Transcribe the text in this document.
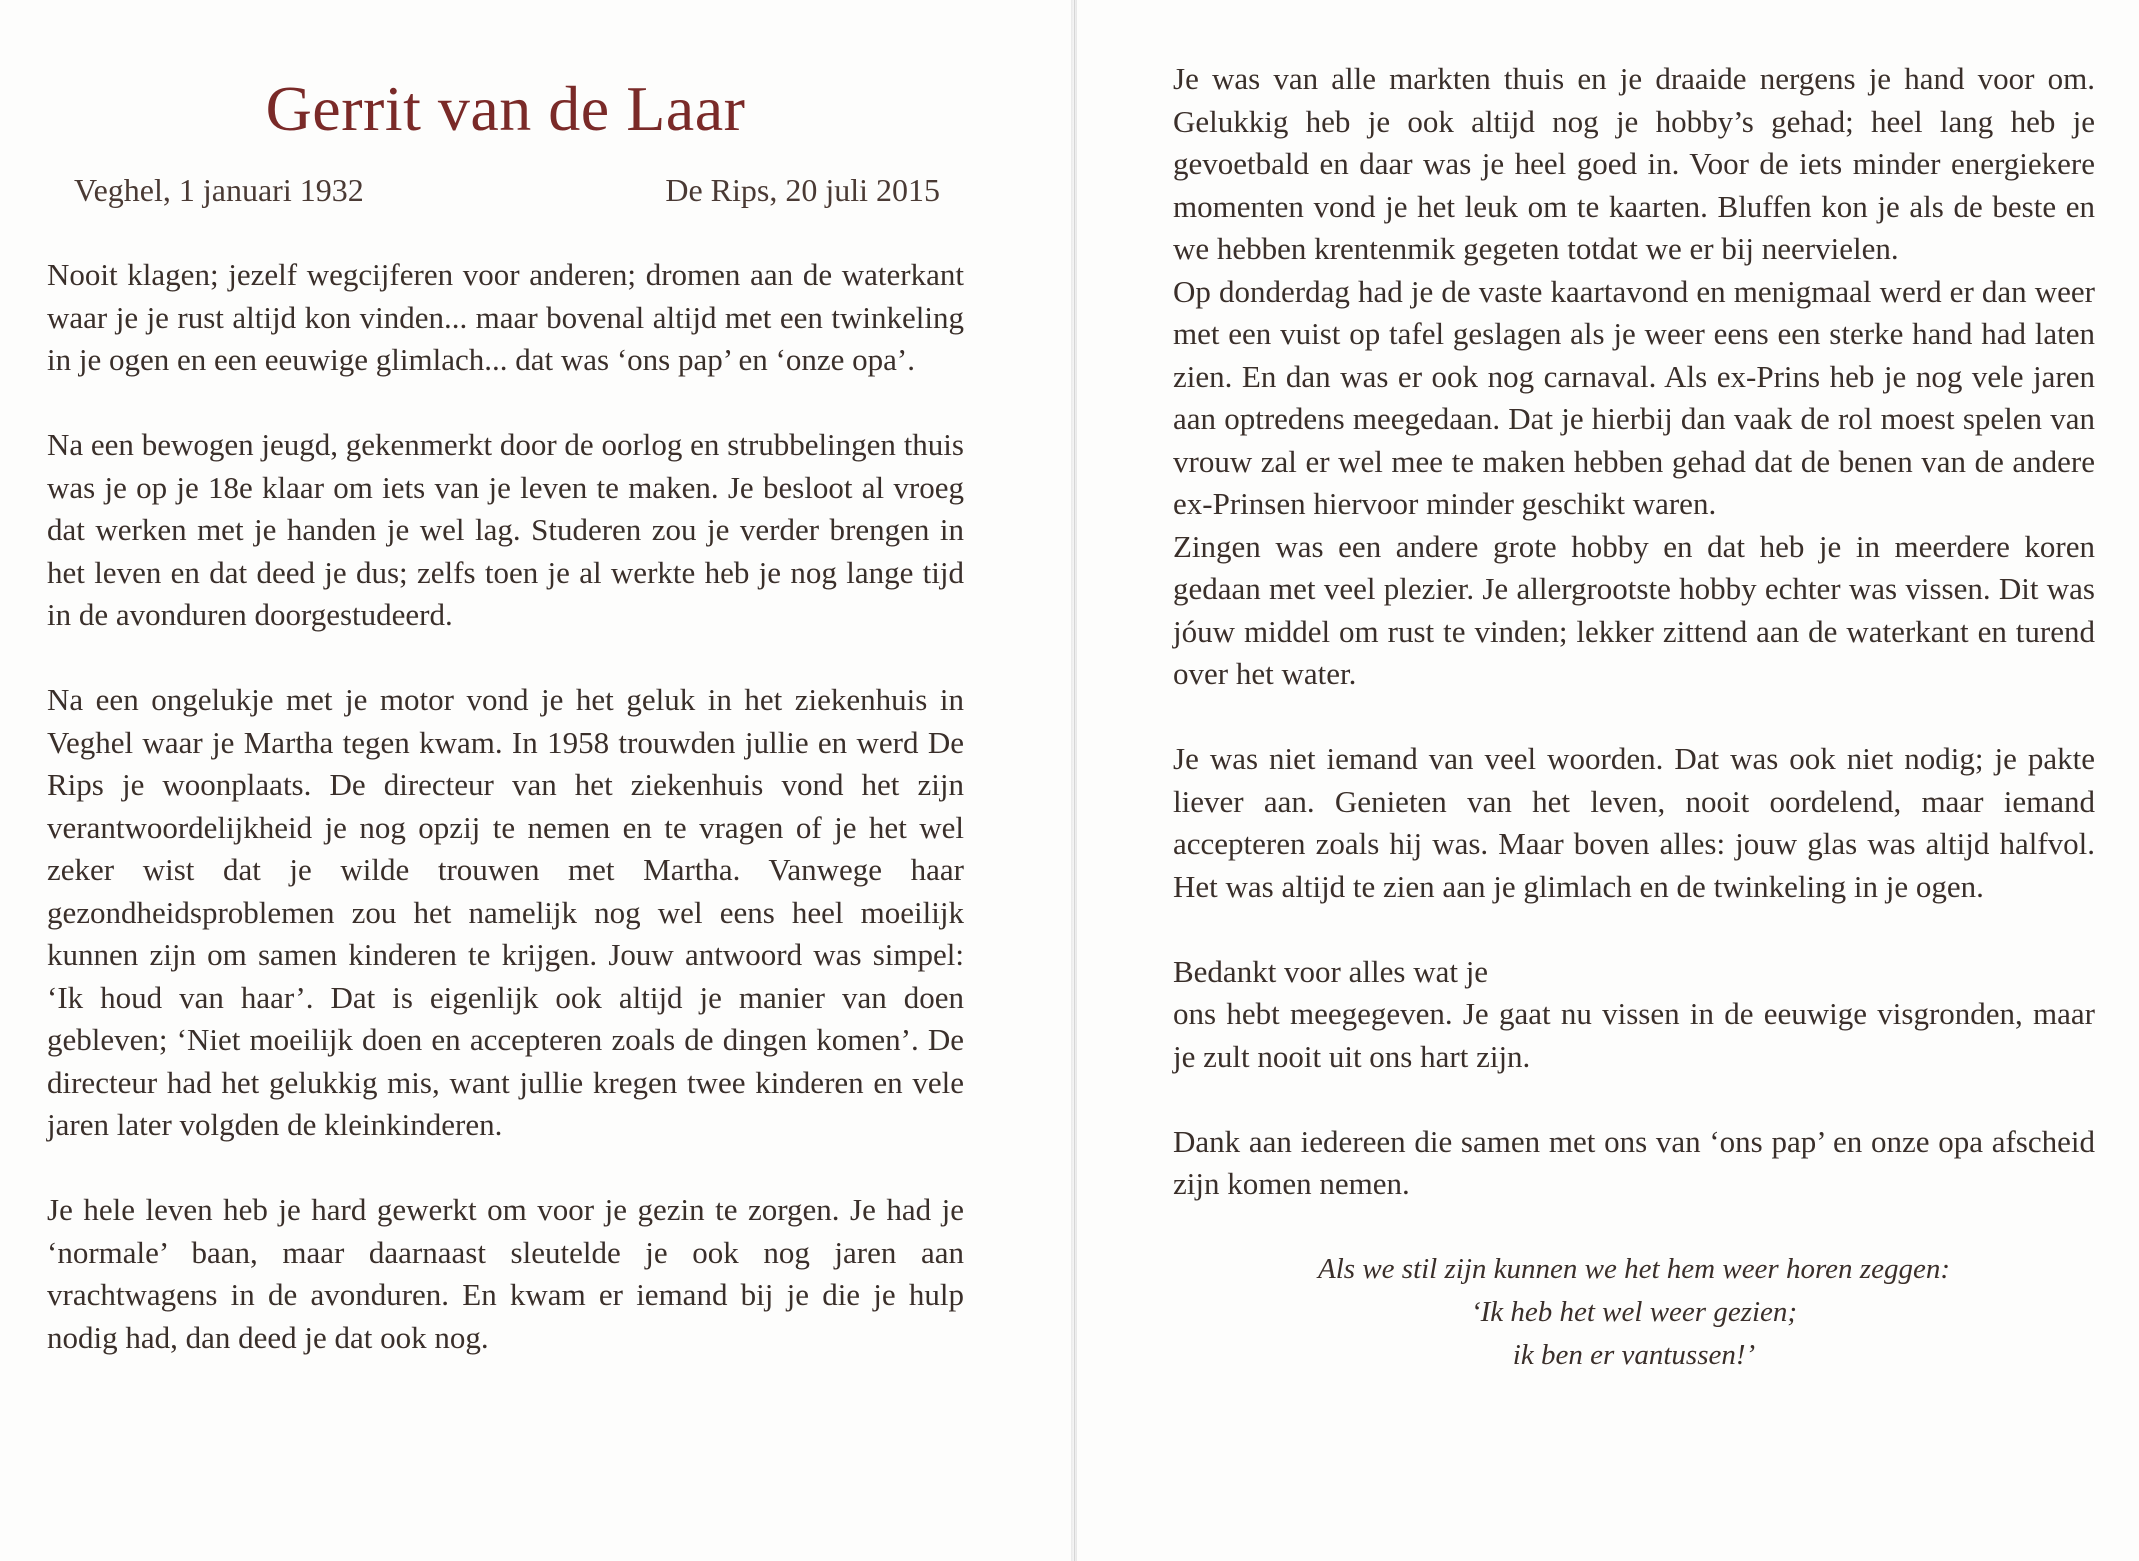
Gerrit van de Laar
Veghel, 1 januari 1932	De Rips, 20 juli 2015

Nooit klagen; jezelf wegcijferen voor anderen; dromen aan de waterkant waar je je rust altijd kon vinden... maar bovenal altijd met een twinkeling in je ogen en een eeuwige glimlach... dat was ‘ons pap’ en ‘onze opa’.

Na een bewogen jeugd, gekenmerkt door de oorlog en strubbelingen thuis was je op je 18e klaar om iets van je leven te maken. Je besloot al vroeg dat werken met je handen je wel lag. Studeren zou je verder brengen in het leven en dat deed je dus; zelfs toen je al werkte heb je nog lange tijd in de avonduren doorgestudeerd.

Na een ongelukje met je motor vond je het geluk in het ziekenhuis in Veghel waar je Martha tegen kwam. In 1958 trouwden jullie en werd De Rips je woonplaats. De directeur van het ziekenhuis vond het zijn verantwoordelijkheid je nog opzij te nemen en te vragen of je het wel zeker wist dat je wilde trouwen met Martha. Vanwege haar gezondheidsproblemen zou het namelijk nog wel eens heel moeilijk kunnen zijn om samen kinderen te krijgen. Jouw antwoord was simpel: ‘Ik houd van haar’. Dat is eigenlijk ook altijd je manier van doen gebleven; ‘Niet moeilijk doen en accepteren zoals de dingen komen’. De directeur had het gelukkig mis, want jullie kregen twee kinderen en vele jaren later volgden de kleinkinderen.

Je hele leven heb je hard gewerkt om voor je gezin te zorgen. Je had je ‘normale’ baan, maar daarnaast sleutelde je ook nog jaren aan vrachtwagens in de avonduren. En kwam er iemand bij je die je hulp nodig had, dan deed je dat ook nog.

Je was van alle markten thuis en je draaide nergens je hand voor om. Gelukkig heb je ook altijd nog je hobby’s gehad; heel lang heb je gevoetbald en daar was je heel goed in. Voor de iets minder energiekere momenten vond je het leuk om te kaarten. Bluffen kon je als de beste en we hebben krentenmik gegeten totdat we er bij neervielen.

Op donderdag had je de vaste kaartavond en menigmaal werd er dan weer met een vuist op tafel geslagen als je weer eens een sterke hand had laten zien. En dan was er ook nog carnaval. Als ex-Prins heb je nog vele jaren aan optredens meegedaan. Dat je hierbij dan vaak de rol moest spelen van vrouw zal er wel mee te maken hebben gehad dat de benen van de andere ex-Prinsen hiervoor minder geschikt waren.

Zingen was een andere grote hobby en dat heb je in meerdere koren gedaan met veel plezier. Je allergrootste hobby echter was vissen. Dit was jóuw middel om rust te vinden; lekker zittend aan de waterkant en turend over het water.

Je was niet iemand van veel woorden. Dat was ook niet nodig; je pakte liever aan. Genieten van het leven, nooit oordelend, maar iemand accepteren zoals hij was. Maar boven alles: jouw glas was altijd halfvol. Het was altijd te zien aan je glimlach en de twinkeling in je ogen.

Bedankt voor alles wat je

ons hebt meegegeven. Je gaat nu vissen in de eeuwige visgronden, maar je zult nooit uit ons hart zijn.

Dank aan iedereen die samen met ons van ‘ons pap’ en onze opa afscheid zijn komen nemen.

Als we stil zijn kunnen we het hem weer horen zeggen:
‘Ik heb het wel weer gezien;
ik ben er vantussen!’
